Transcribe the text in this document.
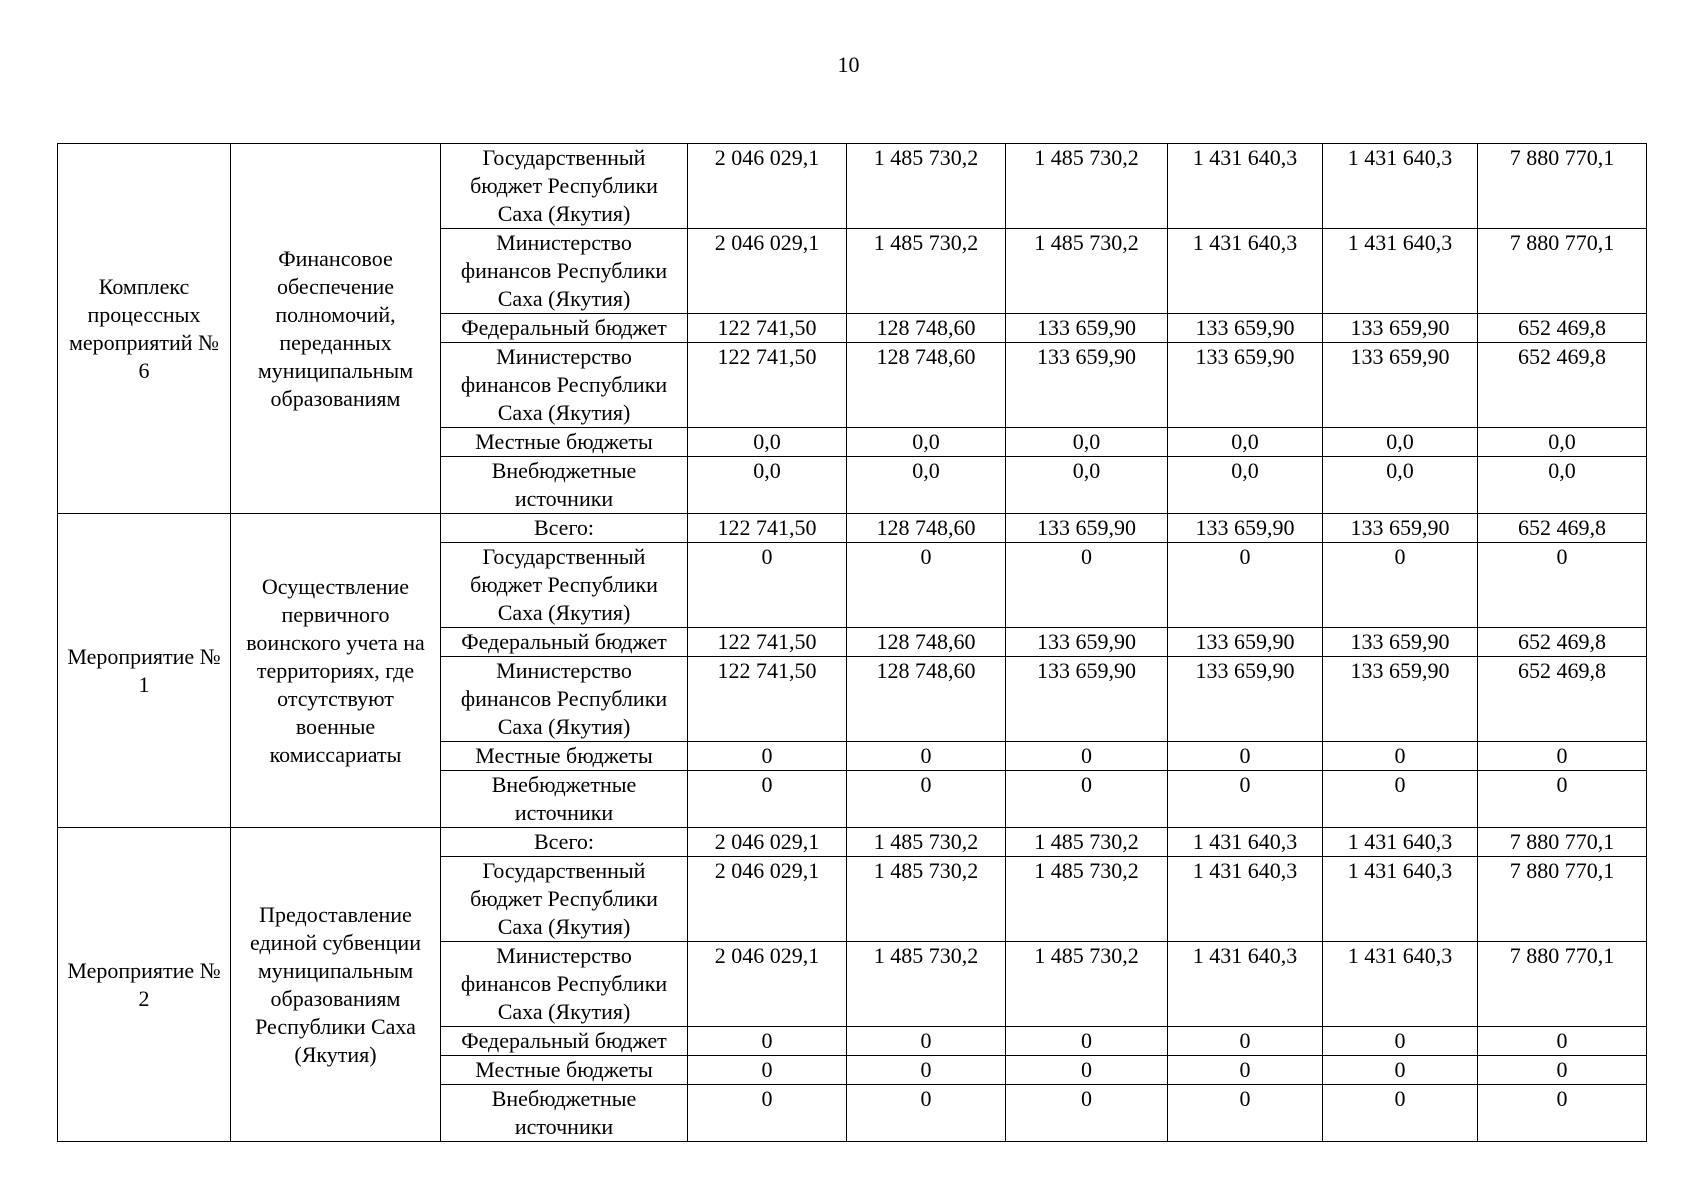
10
Комплекс процессных мероприятий № 6	Финансовое обеспечение полномочий, переданных муниципальным образованиям	Государственный
бюджет Республики
Саха (Якутия)	2 046 029,1	1 485 730,2	1 485 730,2	1 431 640,3	1 431 640,3	7 880 770,1

		Министерство
финансов Республики
Саха (Якутия)	2 046 029,1	1 485 730,2	1 485 730,2	1 431 640,3	1 431 640,3	7 880 770,1

		Федеральный бюджет	122 741,50	128 748,60	133 659,90	133 659,90	133 659,90	652 469,8

		Министерство
финансов Республики
Саха (Якутия)	122 741,50	128 748,60	133 659,90	133 659,90	133 659,90	652 469,8

		Местные бюджеты	0,0	0,0	0,0	0,0	0,0	0,0

		Внебюджетные
источники	0,0	0,0	0,0	0,0	0,0	0,0
Мероприятие № 1	Осуществление первичного воинского учета на территориях, где отсутствуют военные комиссариаты	Всего:	122 741,50	128 748,60	133 659,90	133 659,90	133 659,90	652 469,8

		Государственный
бюджет Республики
Саха (Якутия)	0	0	0	0	0	0

		Федеральный бюджет	122 741,50	128 748,60	133 659,90	133 659,90	133 659,90	652 469,8

		Министерство
финансов Республики
Саха (Якутия)	122 741,50	128 748,60	133 659,90	133 659,90	133 659,90	652 469,8

		Местные бюджеты	0	0	0	0	0	0

		Внебюджетные
источники	0	0	0	0	0	0
Мероприятие № 2	Предоставление единой субвенции муниципальным образованиям Республики Саха (Якутия)	Всего:	2 046 029,1	1 485 730,2	1 485 730,2	1 431 640,3	1 431 640,3	7 880 770,1

		Государственный
бюджет Республики
Саха (Якутия)	2 046 029,1	1 485 730,2	1 485 730,2	1 431 640,3	1 431 640,3	7 880 770,1

		Министерство
финансов Республики
Саха (Якутия)	2 046 029,1	1 485 730,2	1 485 730,2	1 431 640,3	1 431 640,3	7 880 770,1

		Федеральный бюджет	0	0	0	0	0	0

		Местные бюджеты	0	0	0	0	0	0

		Внебюджетные
источники	0	0	0	0	0	0
